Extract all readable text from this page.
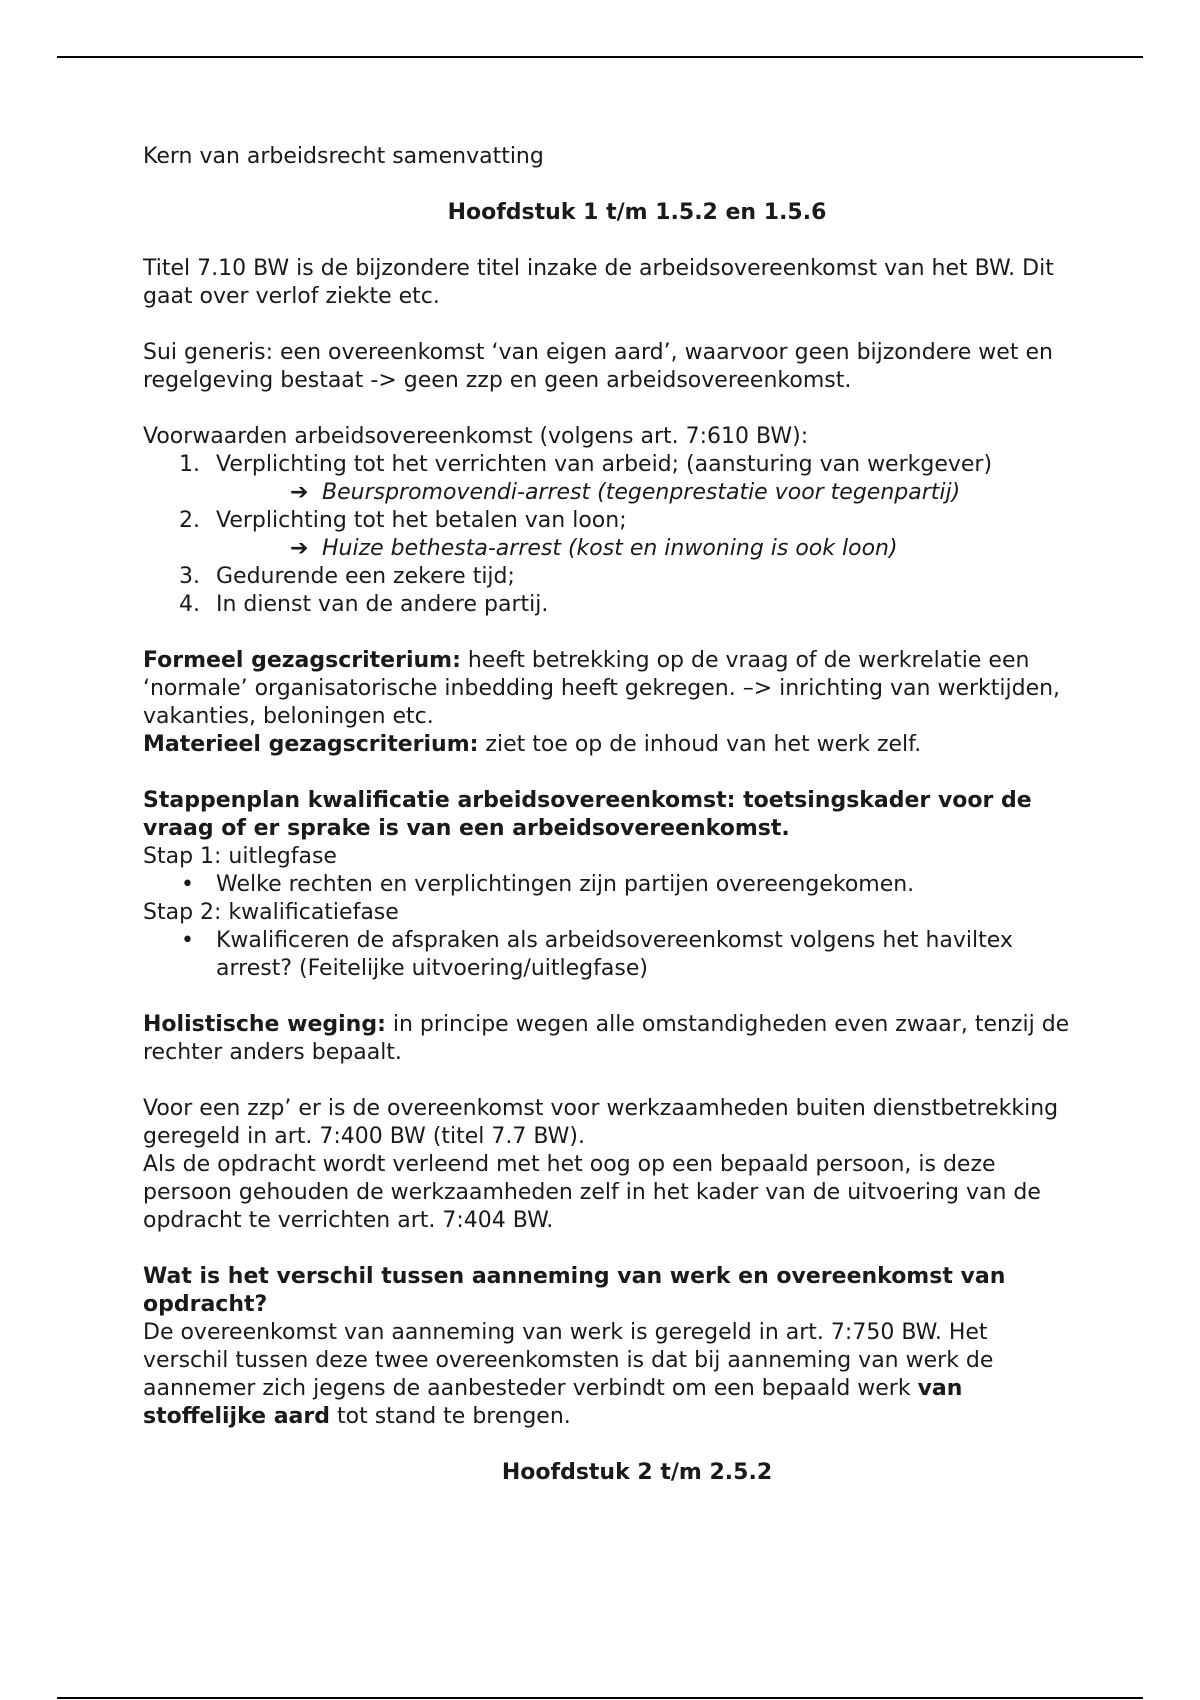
Kern van arbeidsrecht samenvatting

Hoofdstuk 1 t/m 1.5.2 en 1.5.6

Titel 7.10 BW is de bijzondere titel inzake de arbeidsovereenkomst van het BW. Dit gaat over verlof ziekte etc.

Sui generis: een overeenkomst ‘van eigen aard’, waarvoor geen bijzondere wet en regelgeving bestaat -> geen zzp en geen arbeidsovereenkomst.

Voorwaarden arbeidsovereenkomst (volgens art. 7:610 BW):

1. Verplichting tot het verrichten van arbeid; (aansturing van werkgever)
➔ Beurspromovendi-arrest (tegenprestatie voor tegenpartij)
2. Verplichting tot het betalen van loon;
➔ Huize bethesta-arrest (kost en inwoning is ook loon)
3. Gedurende een zekere tijd;
4. In dienst van de andere partij.

Formeel gezagscriterium: heeft betrekking op de vraag of de werkrelatie een ‘normale’ organisatorische inbedding heeft gekregen. –> inrichting van werktijden, vakanties, beloningen etc.

Materieel gezagscriterium: ziet toe op de inhoud van het werk zelf.

Stappenplan kwalificatie arbeidsovereenkomst: toetsingskader voor de vraag of er sprake is van een arbeidsovereenkomst.

Stap 1: uitlegfase

• Welke rechten en verplichtingen zijn partijen overeengekomen.

Stap 2: kwalificatiefase

• Kwalificeren de afspraken als arbeidsovereenkomst volgens het haviltex arrest? (Feitelijke uitvoering/uitlegfase)

Holistische weging: in principe wegen alle omstandigheden even zwaar, tenzij de rechter anders bepaalt.

Voor een zzp’ er is de overeenkomst voor werkzaamheden buiten dienstbetrekking geregeld in art. 7:400 BW (titel 7.7 BW).

Als de opdracht wordt verleend met het oog op een bepaald persoon, is deze persoon gehouden de werkzaamheden zelf in het kader van de uitvoering van de opdracht te verrichten art. 7:404 BW.

Wat is het verschil tussen aanneming van werk en overeenkomst van opdracht?

De overeenkomst van aanneming van werk is geregeld in art. 7:750 BW. Het verschil tussen deze twee overeenkomsten is dat bij aanneming van werk de aannemer zich jegens de aanbesteder verbindt om een bepaald werk van stoffelijke aard tot stand te brengen.

Hoofdstuk 2 t/m 2.5.2
